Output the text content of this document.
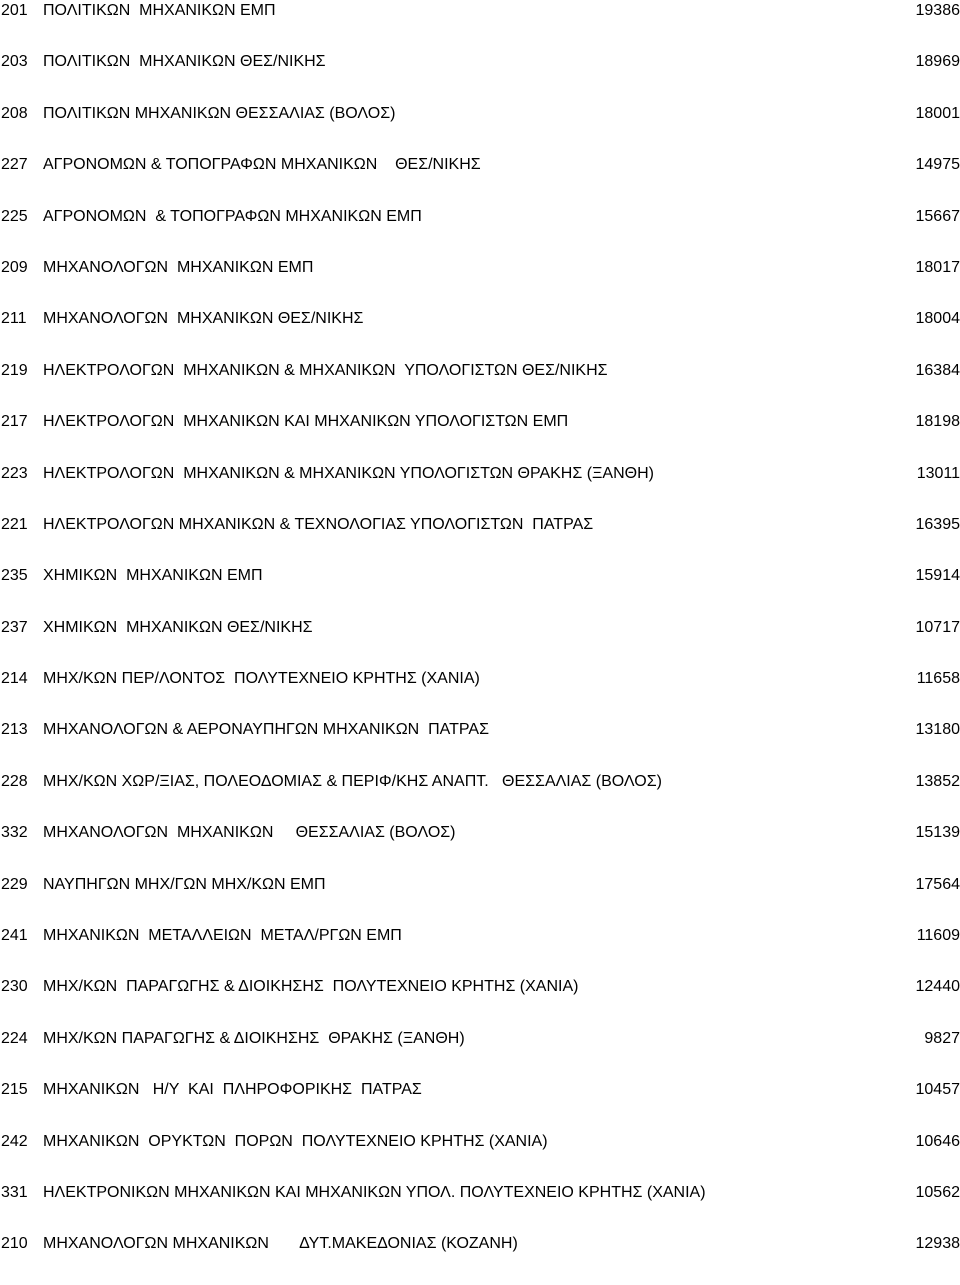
201 ΠΟΛΙΤΙΚΩΝ  ΜΗΧΑΝΙΚΩΝ ΕΜΠ	19386
203 ΠΟΛΙΤΙΚΩΝ  ΜΗΧΑΝΙΚΩΝ ΘΕΣ/ΝΙΚΗΣ	18969
208 ΠΟΛΙΤΙΚΩΝ ΜΗΧΑΝΙΚΩΝ ΘΕΣΣΑΛΙΑΣ (ΒΟΛΟΣ)	18001
227 ΑΓΡΟΝΟΜΩΝ & ΤΟΠΟΓΡΑΦΩΝ ΜΗΧΑΝΙΚΩΝ    ΘΕΣ/ΝΙΚΗΣ	14975
225 ΑΓΡΟΝΟΜΩΝ  & ΤΟΠΟΓΡΑΦΩΝ ΜΗΧΑΝΙΚΩΝ ΕΜΠ	15667
209 ΜΗΧΑΝΟΛΟΓΩΝ  ΜΗΧΑΝΙΚΩΝ ΕΜΠ	18017
211 ΜΗΧΑΝΟΛΟΓΩΝ  ΜΗΧΑΝΙΚΩΝ ΘΕΣ/ΝΙΚΗΣ	18004
219 ΗΛΕΚΤΡΟΛΟΓΩΝ  ΜΗΧΑΝΙΚΩΝ & ΜΗΧΑΝΙΚΩΝ  ΥΠΟΛΟΓΙΣΤΩΝ ΘΕΣ/ΝΙΚΗΣ	16384
217 ΗΛΕΚΤΡΟΛΟΓΩΝ  ΜΗΧΑΝΙΚΩΝ ΚΑΙ ΜΗΧΑΝΙΚΩΝ ΥΠΟΛΟΓΙΣΤΩΝ ΕΜΠ	18198
223 ΗΛΕΚΤΡΟΛΟΓΩΝ  ΜΗΧΑΝΙΚΩΝ & ΜΗΧΑΝΙΚΩΝ ΥΠΟΛΟΓΙΣΤΩΝ ΘΡΑΚΗΣ (ΞΑΝΘΗ)	13011
221 ΗΛΕΚΤΡΟΛΟΓΩΝ ΜΗΧΑΝΙΚΩΝ & ΤΕΧΝΟΛΟΓΙΑΣ ΥΠΟΛΟΓΙΣΤΩΝ  ΠΑΤΡΑΣ	16395
235 ΧΗΜΙΚΩΝ  ΜΗΧΑΝΙΚΩΝ ΕΜΠ	15914
237 ΧΗΜΙΚΩΝ  ΜΗΧΑΝΙΚΩΝ ΘΕΣ/ΝΙΚΗΣ	10717
214 ΜΗΧ/ΚΩΝ ΠΕΡ/ΛΟΝΤΟΣ  ΠΟΛΥΤΕΧΝΕΙΟ ΚΡΗΤΗΣ (ΧΑΝΙΑ)	11658
213 ΜΗΧΑΝΟΛΟΓΩΝ & ΑΕΡΟΝΑΥΠΗΓΩΝ ΜΗΧΑΝΙΚΩΝ  ΠΑΤΡΑΣ	13180
228 ΜΗΧ/ΚΩΝ ΧΩΡ/ΞΙΑΣ, ΠΟΛΕΟΔΟΜΙΑΣ & ΠΕΡΙΦ/ΚΗΣ ΑΝΑΠΤ.   ΘΕΣΣΑΛΙΑΣ (ΒΟΛΟΣ)	13852
332 ΜΗΧΑΝΟΛΟΓΩΝ  ΜΗΧΑΝΙΚΩΝ     ΘΕΣΣΑΛΙΑΣ (ΒΟΛΟΣ)	15139
229 ΝΑΥΠΗΓΩΝ ΜΗΧ/ΓΩΝ ΜΗΧ/ΚΩΝ ΕΜΠ	17564
241 ΜΗΧΑΝΙΚΩΝ  ΜΕΤΑΛΛΕΙΩΝ  ΜΕΤΑΛ/ΡΓΩΝ ΕΜΠ	11609
230 ΜΗΧ/ΚΩΝ  ΠΑΡΑΓΩΓΗΣ & ΔΙΟΙΚΗΣΗΣ  ΠΟΛΥΤΕΧΝΕΙΟ ΚΡΗΤΗΣ (ΧΑΝΙΑ)	12440
224 ΜΗΧ/ΚΩΝ ΠΑΡΑΓΩΓΗΣ & ΔΙΟΙΚΗΣΗΣ  ΘΡΑΚΗΣ (ΞΑΝΘΗ)	9827
215 ΜΗΧΑΝΙΚΩΝ   Η/Υ  ΚΑΙ  ΠΛΗΡΟΦΟΡΙΚΗΣ  ΠΑΤΡΑΣ	10457
242 ΜΗΧΑΝΙΚΩΝ  ΟΡΥΚΤΩΝ  ΠΟΡΩΝ  ΠΟΛΥΤΕΧΝΕΙΟ ΚΡΗΤΗΣ (ΧΑΝΙΑ)	10646
331 ΗΛΕΚΤΡΟΝΙΚΩΝ ΜΗΧΑΝΙΚΩΝ ΚΑΙ ΜΗΧΑΝΙΚΩΝ ΥΠΟΛ. ΠΟΛΥΤΕΧΝΕΙΟ ΚΡΗΤΗΣ (ΧΑΝΙΑ)	10562
210 ΜΗΧΑΝΟΛΟΓΩΝ ΜΗΧΑΝΙΚΩΝ       ΔΥΤ.ΜΑΚΕΔΟΝΙΑΣ (ΚΟΖΑΝΗ)	12938
